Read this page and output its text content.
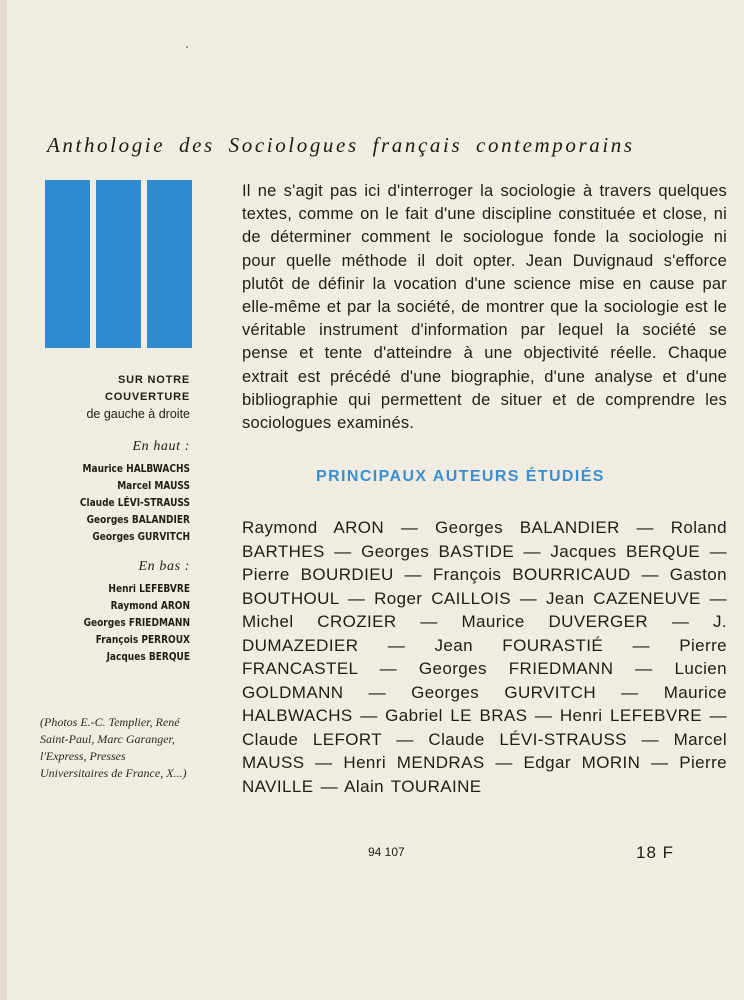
Anthologie des Sociologues français contemporains
SUR NOTRE COUVERTURE
de gauche à droite
En haut :
Maurice HALBWACHS
Marcel MAUSS
Claude LÉVI-STRAUSS
Georges BALANDIER
Georges GURVITCH
En bas :
Henri LEFEBVRE
Raymond ARON
Georges FRIEDMANN
François PERROUX
Jacques BERQUE
(Photos E.-C. Templier, René Saint-Paul, Marc Garanger, l'Express, Presses Universitaires de France, X...)
Il ne s'agit pas ici d'interroger la sociologie à travers quelques textes, comme on le fait d'une discipline constituée et close, ni de déterminer comment le sociologue fonde la sociologie ni pour quelle méthode il doit opter. Jean Duvignaud s'efforce plutôt de définir la vocation d'une science mise en cause par elle-même et par la société, de montrer que la sociologie est le véritable instrument d'information par lequel la société se pense et tente d'atteindre à une objectivité réelle. Chaque extrait est précédé d'une biographie, d'une analyse et d'une bibliographie qui permettent de situer et de comprendre les sociologues examinés.
PRINCIPAUX AUTEURS ÉTUDIÉS
Raymond ARON — Georges BALANDIER — Roland BARTHES — Georges BASTIDE — Jacques BERQUE — Pierre BOURDIEU — François BOURRICAUD — Gaston BOUTHOUL — Roger CAILLOIS — Jean CAZENEUVE — Michel CROZIER — Maurice DUVERGER — J. DUMAZEDIER — Jean FOURASTIÉ — Pierre FRANCASTEL — Georges FRIEDMANN — Lucien GOLDMANN — Georges GURVITCH — Maurice HALBWACHS — Gabriel LE BRAS — Henri LEFEBVRE — Claude LEFORT — Claude LÉVI-STRAUSS — Marcel MAUSS — Henri MENDRAS — Edgar MORIN — Pierre NAVILLE — Alain TOURAINE
94 107	18 F
